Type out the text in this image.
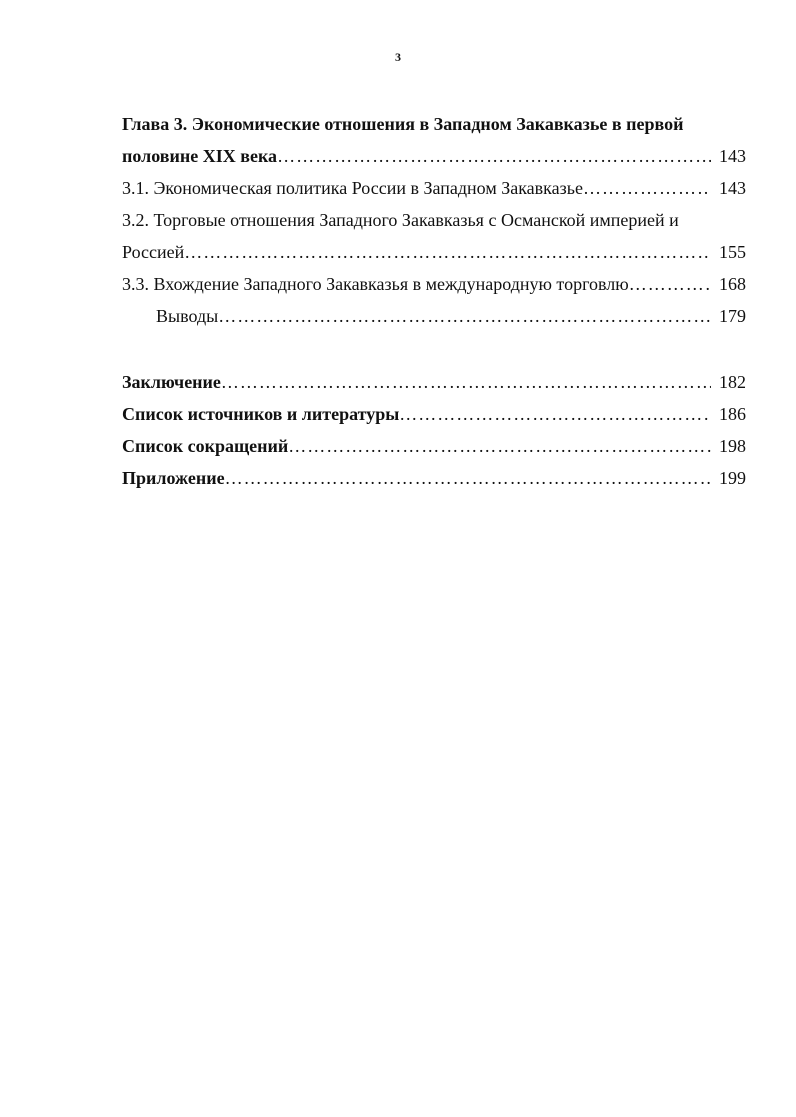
3
Глава 3. Экономические отношения в Западном Закавказье в первой
половине XIX века ……………………………………………………………………………………………………………………………………	143
3.1. Экономическая политика России в Западном Закавказье ……………………………………………………………………………………………………………………………………	143
3.2. Торговые отношения Западного Закавказья с Османской империей и
Россией ……………………………………………………………………………………………………………………………………	155
3.3. Вхождение Западного Закавказья в международную торговлю ……………………………………………………………………………………………………………………………………	168
Выводы ……………………………………………………………………………………………………………………………………	179
Заключение ……………………………………………………………………………………………………………………………………	182
Список источников и литературы ……………………………………………………………………………………………………………………………………	186
Список сокращений ……………………………………………………………………………………………………………………………………	198
Приложение ……………………………………………………………………………………………………………………………………	199
